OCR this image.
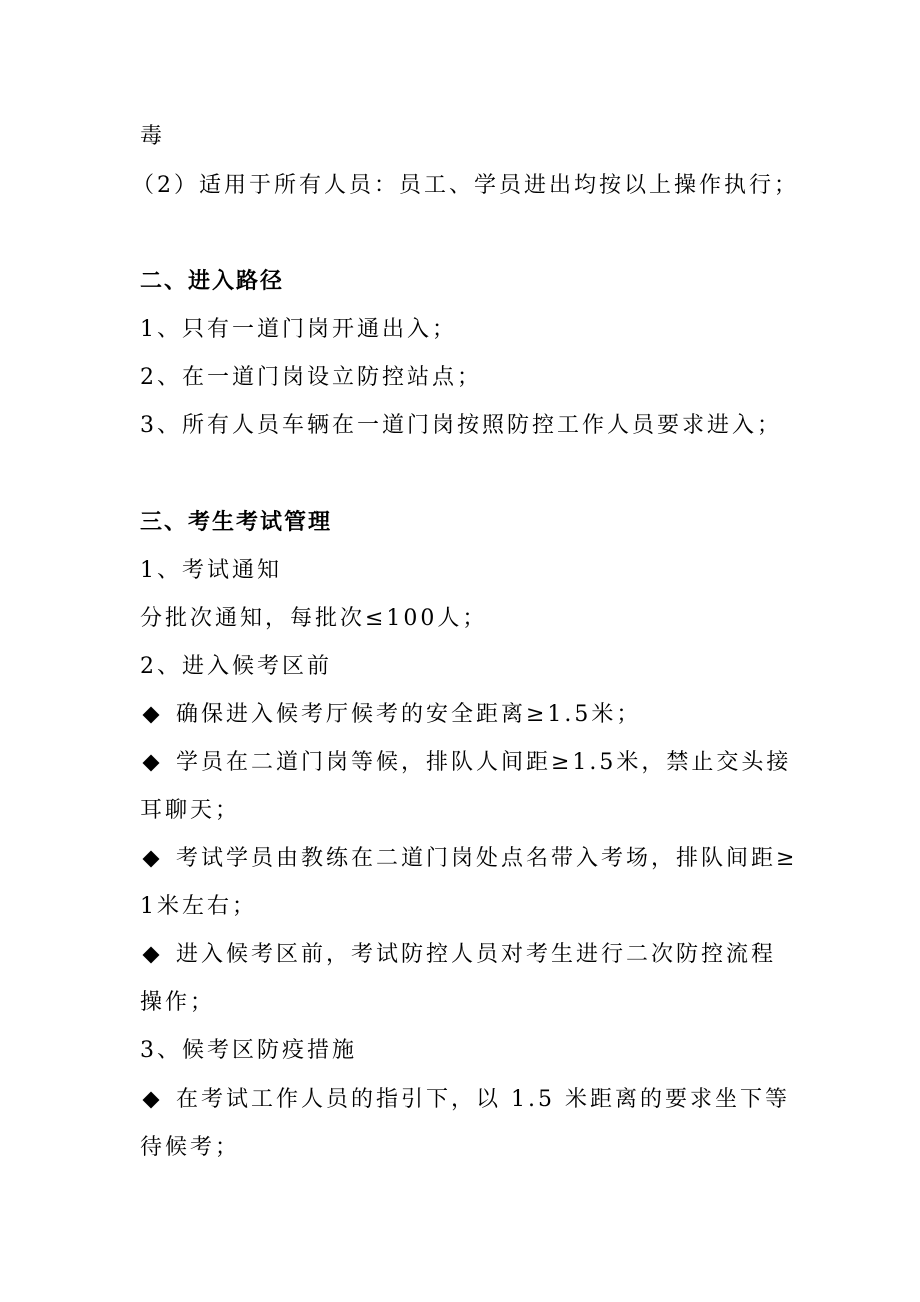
毒
（2）适用于所有人员：员工、学员进出均按以上操作执行；
二、进入路径
1、只有一道门岗开通出入；
2、在一道门岗设立防控站点；
3、所有人员车辆在一道门岗按照防控工作人员要求进入；
三、考生考试管理
1、考试通知
分批次通知，每批次≤100人；
2、进入候考区前
确保进入候考厅候考的安全距离≥1.5米；
学员在二道门岗等候，排队人间距≥1.5米，禁止交头接
耳聊天；
考试学员由教练在二道门岗处点名带入考场，排队间距≥
1米左右；
进入候考区前，考试防控人员对考生进行二次防控流程
操作；
3、候考区防疫措施
在考试工作人员的指引下，以 1.5 米距离的要求坐下等
待候考；
